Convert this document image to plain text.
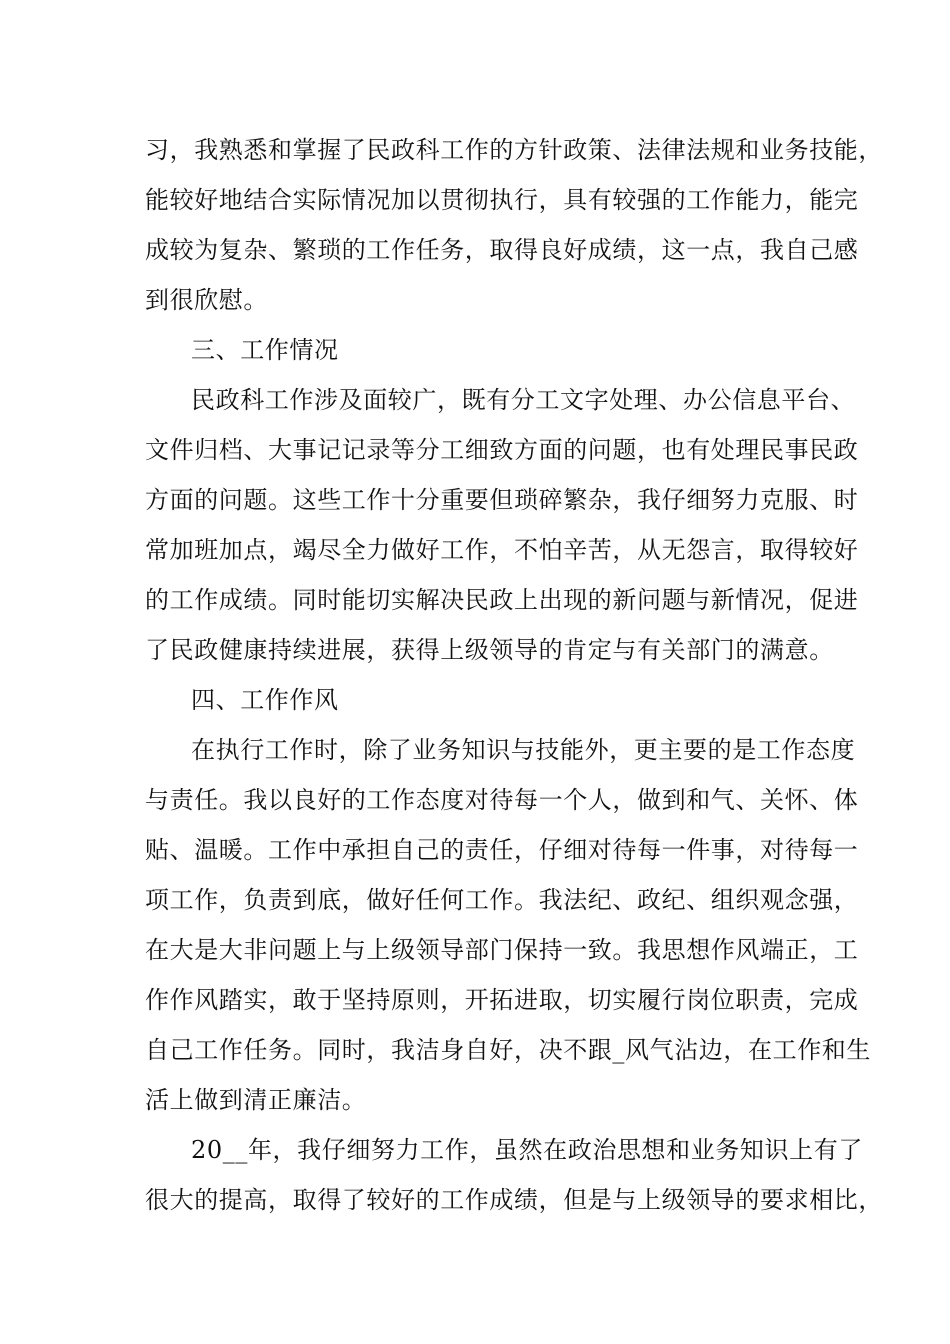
习，我熟悉和掌握了民政科工作的方针政策、法律法规和业务技能，
能较好地结合实际情况加以贯彻执行，具有较强的工作能力，能完
成较为复杂、繁琐的工作任务，取得良好成绩，这一点，我自己感
到很欣慰。
三、工作情况
民政科工作涉及面较广，既有分工文字处理、办公信息平台、
文件归档、大事记记录等分工细致方面的问题，也有处理民事民政
方面的问题。这些工作十分重要但琐碎繁杂，我仔细努力克服、时
常加班加点，竭尽全力做好工作，不怕辛苦，从无怨言，取得较好
的工作成绩。同时能切实解决民政上出现的新问题与新情况，促进
了民政健康持续进展，获得上级领导的肯定与有关部门的满意。
四、工作作风
在执行工作时，除了业务知识与技能外，更主要的是工作态度
与责任。我以良好的工作态度对待每一个人，做到和气、关怀、体
贴、温暖。工作中承担自己的责任，仔细对待每一件事，对待每一
项工作，负责到底，做好任何工作。我法纪、政纪、组织观念强，
在大是大非问题上与上级领导部门保持一致。我思想作风端正，工
作作风踏实，敢于坚持原则，开拓进取，切实履行岗位职责，完成
自己工作任务。同时，我洁身自好，决不跟_风气沾边，在工作和生
活上做到清正廉洁。
20__年，我仔细努力工作，虽然在政治思想和业务知识上有了
很大的提高，取得了较好的工作成绩，但是与上级领导的要求相比，
